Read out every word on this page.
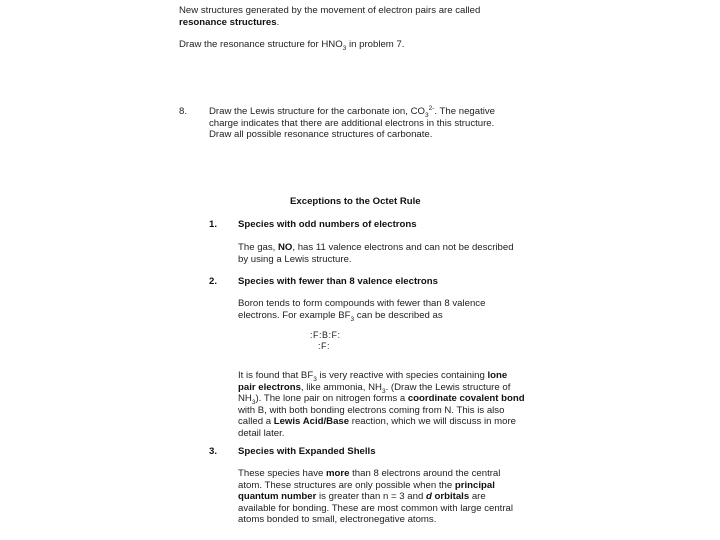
New structures generated by the movement of electron pairs are called
resonance structures.
Draw the resonance structure for $HNO_3$ in problem 7.
8. Draw the Lewis structure for the carbonate ion, $CO_3^{2-}$. The negative
charge indicates that there are additional electrons in this structure.
Draw all possible resonance structures of carbonate.
Exceptions to the Octet Rule
1. Species with odd numbers of electrons
The gas, NO, has 11 valence electrons and can not be described
by using a Lewis structure.
2. Species with fewer than 8 valence electrons
Boron tends to form compounds with fewer than 8 valence
electrons. For example $BF_3$ can be described as
:F:B:F:
:F:
It is found that $BF_3$ is very reactive with species containing lone
pair electrons, like ammonia, $NH_3$. (Draw the Lewis structure of
$NH_3$). The lone pair on nitrogen forms a coordinate covalent bond
with B, with both bonding electrons coming from N. This is also
called a Lewis Acid/Base reaction, which we will discuss in more
detail later.
3. Species with Expanded Shells
These species have more than 8 electrons around the central
atom. These structures are only possible when the principal
quantum number is greater than n = 3 and d orbitals are
available for bonding. These are most common with large central
atoms bonded to small, electronegative atoms.
